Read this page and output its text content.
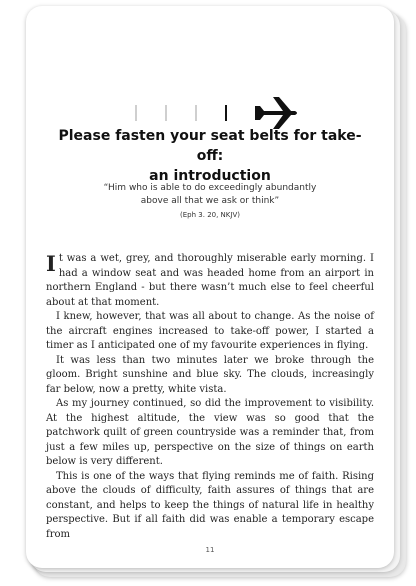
Please fasten your seat belts for take-off:
an introduction
“Him who is able to do exceedingly abundantly above all that we ask or think”
(Eph 3. 20, NKJV)

It was a wet, grey, and thoroughly miserable early morning. I had a window seat and was headed home from an airport in northern England - but there wasn’t much else to feel cheerful about at that moment.

I knew, however, that was all about to change. As the noise of the aircraft engines increased to take-off power, I started a timer as I anticipated one of my favourite experiences in flying.

It was less than two minutes later we broke through the gloom. Bright sunshine and blue sky. The clouds, increasingly far below, now a pretty, white vista.

As my journey continued, so did the improvement to visibility. At the highest altitude, the view was so good that the patchwork quilt of green countryside was a reminder that, from just a few miles up, perspective on the size of things on earth below is very different.

This is one of the ways that flying reminds me of faith. Rising above the clouds of difficulty, faith assures of things that are constant, and helps to keep the things of natural life in healthy perspective. But if all faith did was enable a temporary escape from

11
